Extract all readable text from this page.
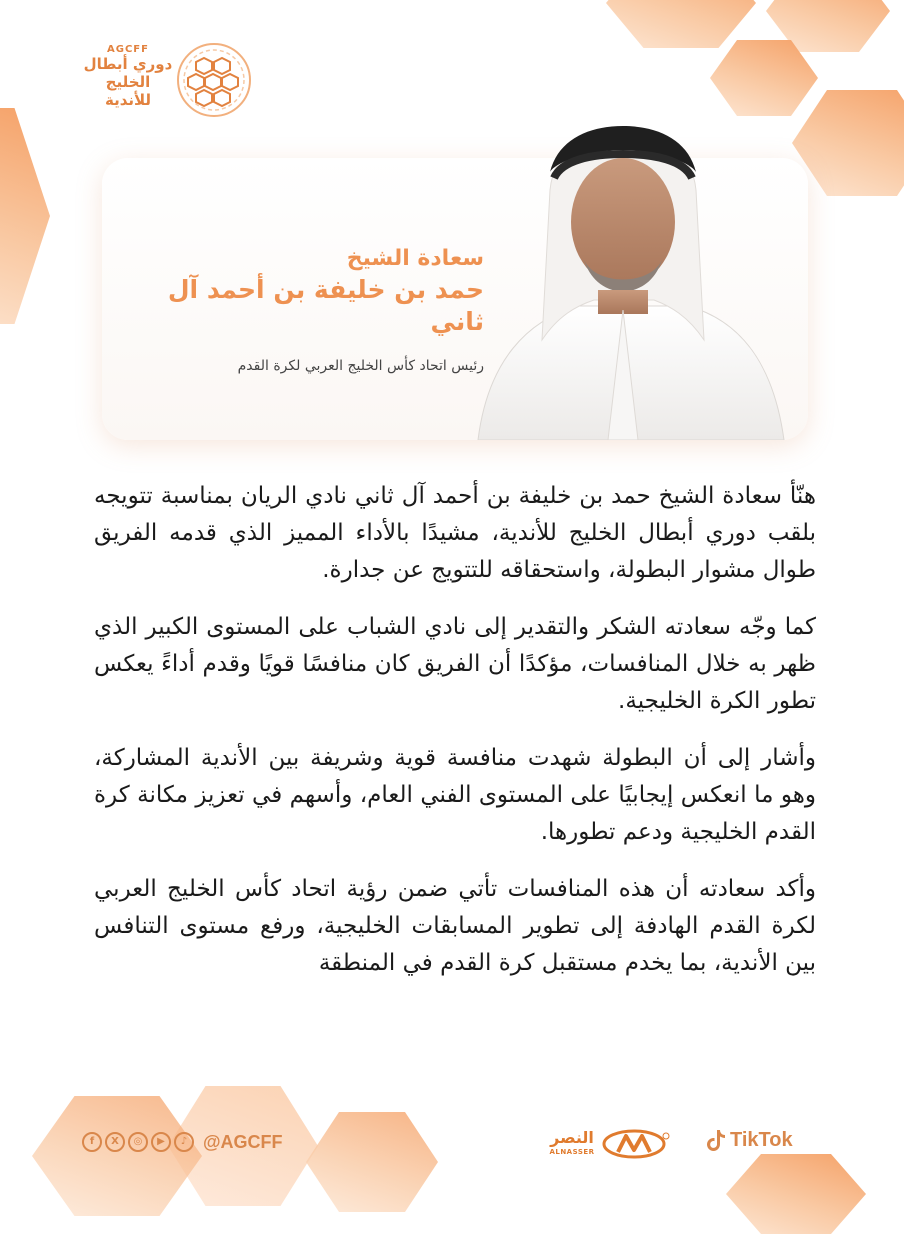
AGCFF
دوري أبطال
الخليج
للأندية

سعادة الشيخ

حمد بن خليفة بن أحمد آل ثاني

رئيس اتحاد كأس الخليج العربي لكرة القدم

هنّأ سعادة الشيخ حمد بن خليفة بن أحمد آل ثاني نادي الريان بمناسبة تتويجه بلقب دوري أبطال الخليج للأندية، مشيدًا بالأداء المميز الذي قدمه الفريق طوال مشوار البطولة، واستحقاقه للتتويج عن جدارة.

كما وجّه سعادته الشكر والتقدير إلى نادي الشباب على المستوى الكبير الذي ظهر به خلال المنافسات، مؤكدًا أن الفريق كان منافسًا قويًا وقدم أداءً يعكس تطور الكرة الخليجية.

وأشار إلى أن البطولة شهدت منافسة قوية وشريفة بين الأندية المشاركة، وهو ما انعكس إيجابيًا على المستوى الفني العام، وأسهم في تعزيز مكانة كرة القدم الخليجية ودعم تطورها.

وأكد سعادته أن هذه المنافسات تأتي ضمن رؤية اتحاد كأس الخليج العربي لكرة القدم الهادفة إلى تطوير المسابقات الخليجية، ورفع مستوى التنافس بين الأندية، بما يخدم مستقبل كرة القدم في المنطقة

f	X	◎	▶	♪ @AGCFF	النصر
ALNASSER
TikTok
